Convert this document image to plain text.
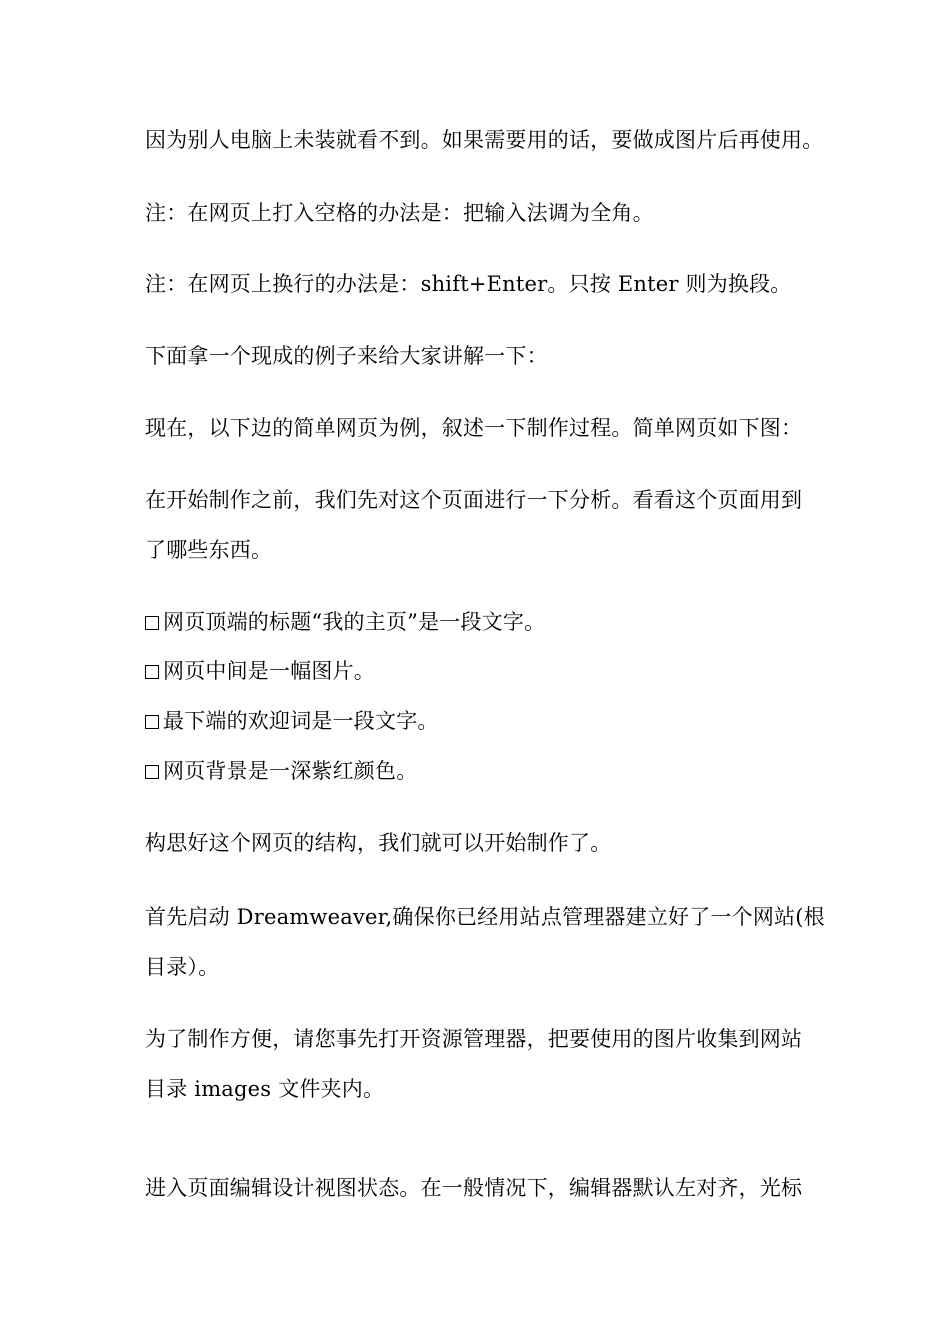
因为别人电脑上未装就看不到。如果需要用的话，要做成图片后再使用。
注：在网页上打入空格的办法是：把输入法调为全角。
注：在网页上换行的办法是：shift+Enter。只按 Enter 则为换段。
下面拿一个现成的例子来给大家讲解一下：
现在，以下边的简单网页为例，叙述一下制作过程。简单网页如下图：
在开始制作之前，我们先对这个页面进行一下分析。看看这个页面用到
了哪些东西。
网页顶端的标题“我的主页”是一段文字。
网页中间是一幅图片。
最下端的欢迎词是一段文字。
网页背景是一深紫红颜色。
构思好这个网页的结构，我们就可以开始制作了。
首先启动 Dreamweaver,确保你已经用站点管理器建立好了一个网站(根
目录）。
为了制作方便，请您事先打开资源管理器，把要使用的图片收集到网站
目录 images 文件夹内。
进入页面编辑设计视图状态。在一般情况下，编辑器默认左对齐，光标
